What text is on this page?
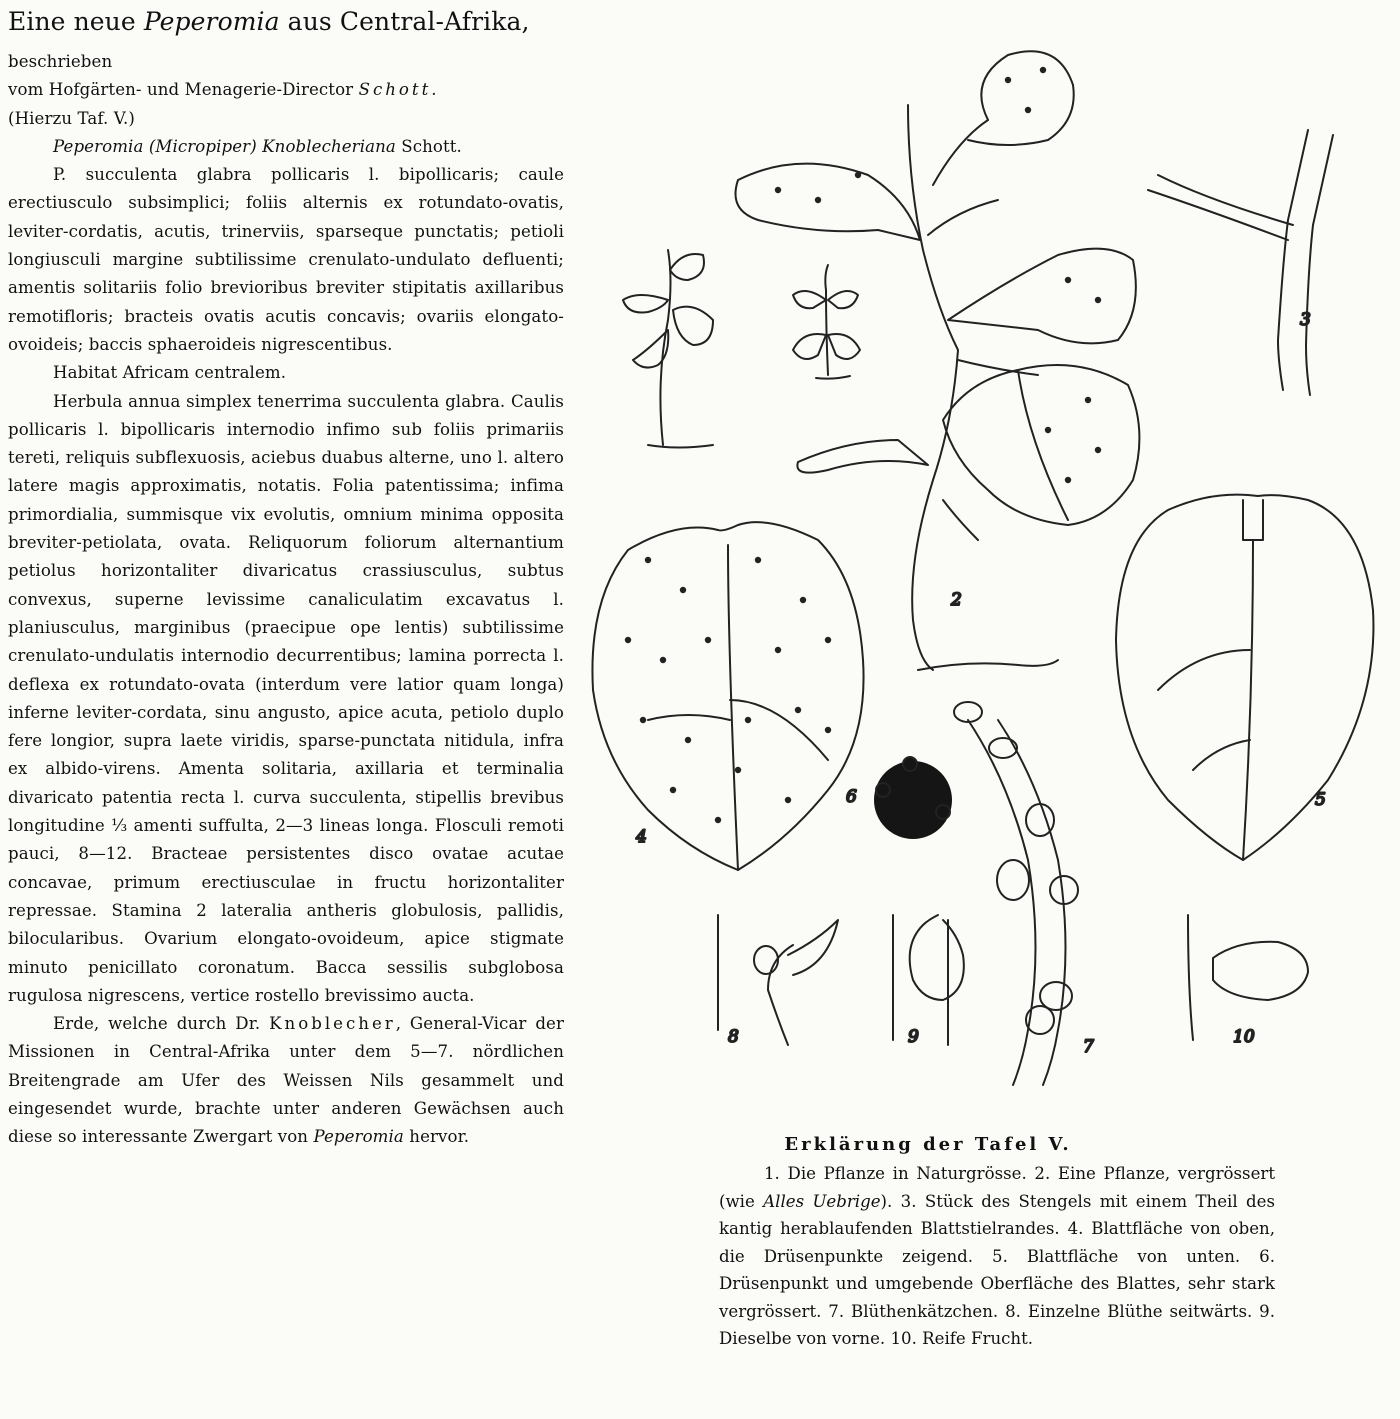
Eine neue Peperomia aus Central-Afrika,

beschrieben

vom Hofgärten- und Menagerie-Director Schott.

(Hierzu Taf. V.)

Peperomia (Micropiper) Knoblecheriana Schott.

P. succulenta glabra pollicaris l. bipollicaris; caule erectiusculo subsimplici; foliis alternis ex rotundato-ovatis, leviter-cordatis, acutis, trinerviis, sparseque punctatis; petioli longiusculi margine subtilissime crenulato-undulato defluenti; amentis solitariis folio brevioribus breviter stipitatis axillaribus remotifloris; bracteis ovatis acutis concavis; ovariis elongato-ovoideis; baccis sphaeroideis nigrescentibus.

Habitat Africam centralem.

Herbula annua simplex tenerrima succulenta glabra. Caulis pollicaris l. bipollicaris internodio infimo sub foliis primariis tereti, reliquis subflexuosis, aciebus duabus alterne, uno l. altero latere magis approximatis, notatis. Folia patentissima; infima primordialia, summisque vix evolutis, omnium minima opposita breviter-petiolata, ovata. Reliquorum foliorum alternantium petiolus horizontaliter divaricatus crassiusculus, subtus convexus, superne levissime canaliculatim excavatus l. planiusculus, marginibus (praecipue ope lentis) subtilissime crenulato-undulatis internodio decurrentibus; lamina porrecta l. deflexa ex rotundato-ovata (interdum vere latior quam longa) inferne leviter-cordata, sinu angusto, apice acuta, petiolo duplo fere longior, supra laete viridis, sparse-punctata nitidula, infra ex albido-virens. Amenta solitaria, axillaria et terminalia divaricato patentia recta l. curva succulenta, stipellis brevibus longitudine ⅓ amenti suffulta, 2—3 lineas longa. Flosculi remoti pauci, 8—12. Bracteae persistentes disco ovatae acutae concavae, primum erectiusculae in fructu horizontaliter repressae. Stamina 2 lateralia antheris globulosis, pallidis, bilocularibus. Ovarium elongato-ovoideum, apice stigmate minuto penicillato coronatum. Bacca sessilis subglobosa rugulosa nigrescens, vertice rostello brevissimo aucta.

Erde, welche durch Dr. Knoblecher, General-Vicar der Missionen in Central-Afrika unter dem 5—7. nördlichen Breitengrade am Ufer des Weissen Nils gesammelt und eingesendet wurde, brachte unter anderen Gewächsen auch diese so interessante Zwergart von Peperomia hervor.

2
3
4
5
6
7
8	9	10
Erklärung der Tafel V.

1. Die Pflanze in Naturgrösse. 2. Eine Pflanze, vergrössert (wie Alles Uebrige). 3. Stück des Stengels mit einem Theil des kantig herablaufenden Blattstielrandes. 4. Blattfläche von oben, die Drüsenpunkte zeigend. 5. Blattfläche von unten. 6. Drüsenpunkt und umgebende Oberfläche des Blattes, sehr stark vergrössert. 7. Blüthenkätzchen. 8. Einzelne Blüthe seitwärts. 9. Dieselbe von vorne. 10. Reife Frucht.
